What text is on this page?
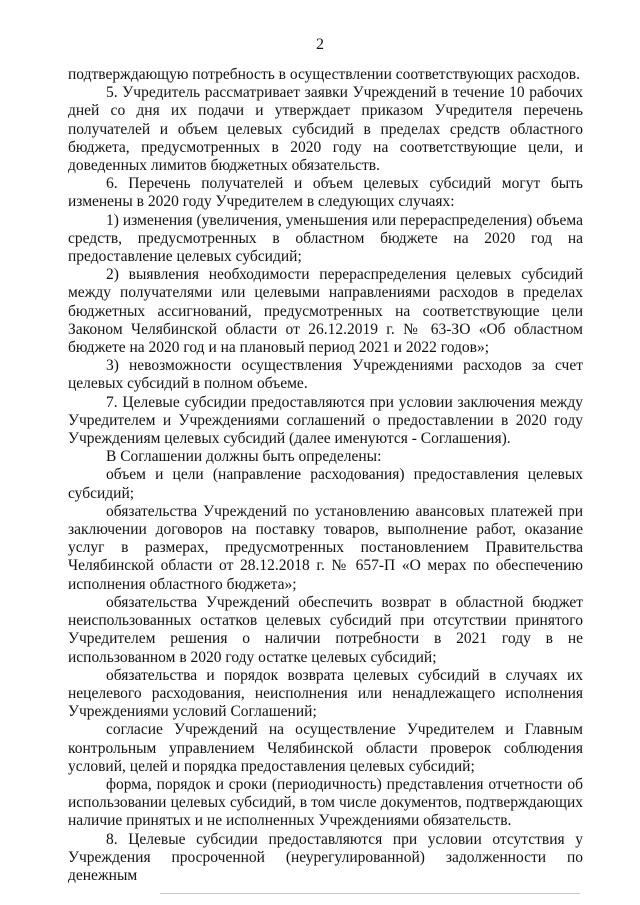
2

подтверждающую потребность в осуществлении соответствующих расходов.

5. Учредитель рассматривает заявки Учреждений в течение 10 рабочих дней со дня их подачи и утверждает приказом Учредителя перечень получателей и объем целевых субсидий в пределах средств областного бюджета, предусмотренных в 2020 году на соответствующие цели, и доведенных лимитов бюджетных обязательств.

6. Перечень получателей и объем целевых субсидий могут быть изменены в 2020 году Учредителем в следующих случаях:

1) изменения (увеличения, уменьшения или перераспределения) объема средств, предусмотренных в областном бюджете на 2020 год на предоставление целевых субсидий;

2) выявления необходимости перераспределения целевых субсидий между получателями или целевыми направлениями расходов в пределах бюджетных ассигнований, предусмотренных на соответствующие цели Законом Челябинской области от 26.12.2019 г. № 63-ЗО «Об областном бюджете на 2020 год и на плановый период 2021 и 2022 годов»;

3) невозможности осуществления Учреждениями расходов за счет целевых субсидий в полном объеме.

7. Целевые субсидии предоставляются при условии заключения между Учредителем и Учреждениями соглашений о предоставлении в 2020 году Учреждениям целевых субсидий (далее именуются - Соглашения).

В Соглашении должны быть определены:

объем и цели (направление расходования) предоставления целевых субсидий;

обязательства Учреждений по установлению авансовых платежей при заключении договоров на поставку товаров, выполнение работ, оказание услуг в размерах, предусмотренных постановлением Правительства Челябинской области от 28.12.2018 г. № 657-П «О мерах по обеспечению исполнения областного бюджета»;

обязательства Учреждений обеспечить возврат в областной бюджет неиспользованных остатков целевых субсидий при отсутствии принятого Учредителем решения о наличии потребности в 2021 году в не использованном в 2020 году остатке целевых субсидий;

обязательства и порядок возврата целевых субсидий в случаях их нецелевого расходования, неисполнения или ненадлежащего исполнения Учреждениями условий Соглашений;

согласие Учреждений на осуществление Учредителем и Главным контрольным управлением Челябинской области проверок соблюдения условий, целей и порядка предоставления целевых субсидий;

форма, порядок и сроки (периодичность) представления отчетности об использовании целевых субсидий, в том числе документов, подтверждающих наличие принятых и не исполненных Учреждениями обязательств.

8. Целевые субсидии предоставляются при условии отсутствия у Учреждения просроченной (неурегулированной) задолженности по денежным
